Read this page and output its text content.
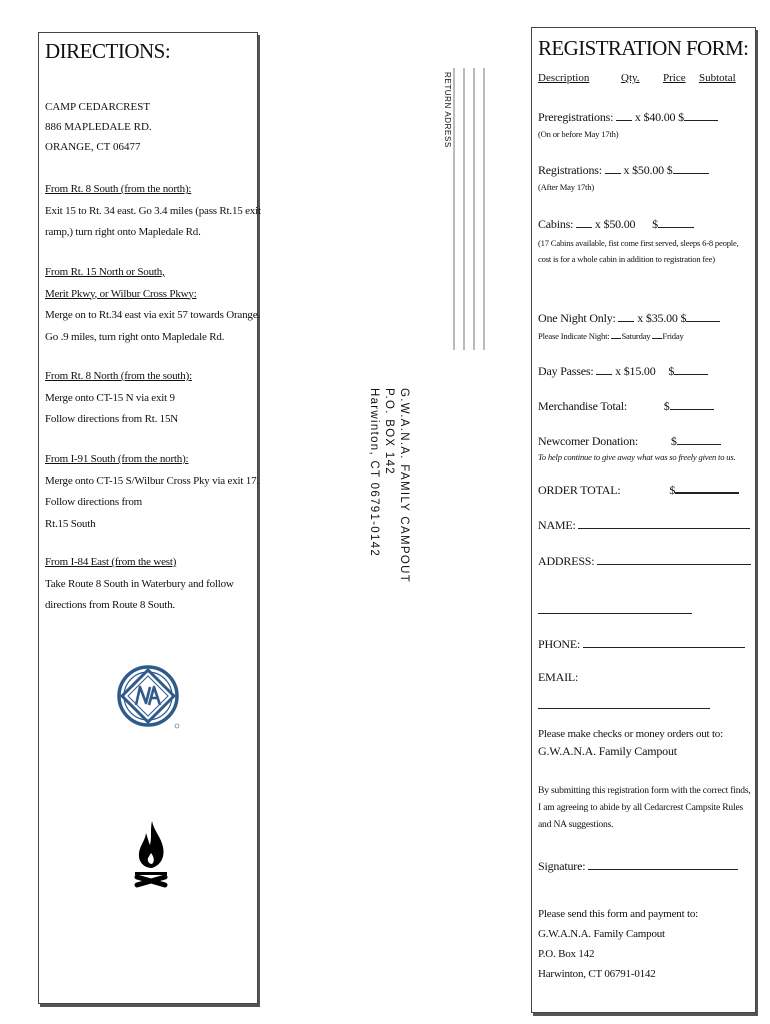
DIRECTIONS:
CAMP CEDARCREST
886 MAPLEDALE RD.
ORANGE, CT 06477
From Rt. 8 South (from the north):
Exit 15 to Rt. 34 east. Go 3.4 miles (pass Rt.15 exit
ramp,) turn right onto Mapledale Rd.
From Rt. 15 North or South,
Merit Pkwy, or Wilbur Cross Pkwy:
Merge on to Rt.34 east via exit 57 towards Orange.
Go .9 miles, turn right onto Mapledale Rd.
From Rt. 8 North (from the south):
Merge onto CT-15 N via exit 9
Follow directions from Rt. 15N
From I-91 South (from the north):
Merge onto CT-15 S/Wilbur Cross Pky via exit 17.
Follow directions from
Rt.15 South
From I-84 East (from the west)
Take Route 8 South in Waterbury and follow
directions from Route 8 South.
RETURN ADRESS
G.W.A.N.A. FAMILY CAMPOUT
P.O. BOX 142
Harwinton, CT 06791-0142
REGISTRATION FORM:
Description	Qty. Price Subtotal
Preregistrations: x $40.00 $
(On or before May 17th)
Registrations: x $50.00 $
(After May 17th)
Cabins: x $50.00 $
(17 Cabins available, fist come first served, sleeps 6-8 people, cost is for a whole cabin in addition to registration fee)
One Night Only: x $35.00 $
Please Indicate Night: Saturday Friday
Day Passes: x $15.00 $
Merchandise Total:	$
Newcomer Donation:	$
To help continue to give away what was so freely given to us.
ORDER TOTAL:	$
NAME:
ADDRESS:
PHONE:
EMAIL:
Please make checks or money orders out to:
G.W.A.N.A. Family Campout
By submitting this registration form with the correct finds, I am agreeing to abide by all Cedarcrest Campsite Rules and NA suggestions.
Signature:
Please send this form and payment to:
G.W.A.N.A. Family Campout
P.O. Box 142
Harwinton, CT 06791-0142
